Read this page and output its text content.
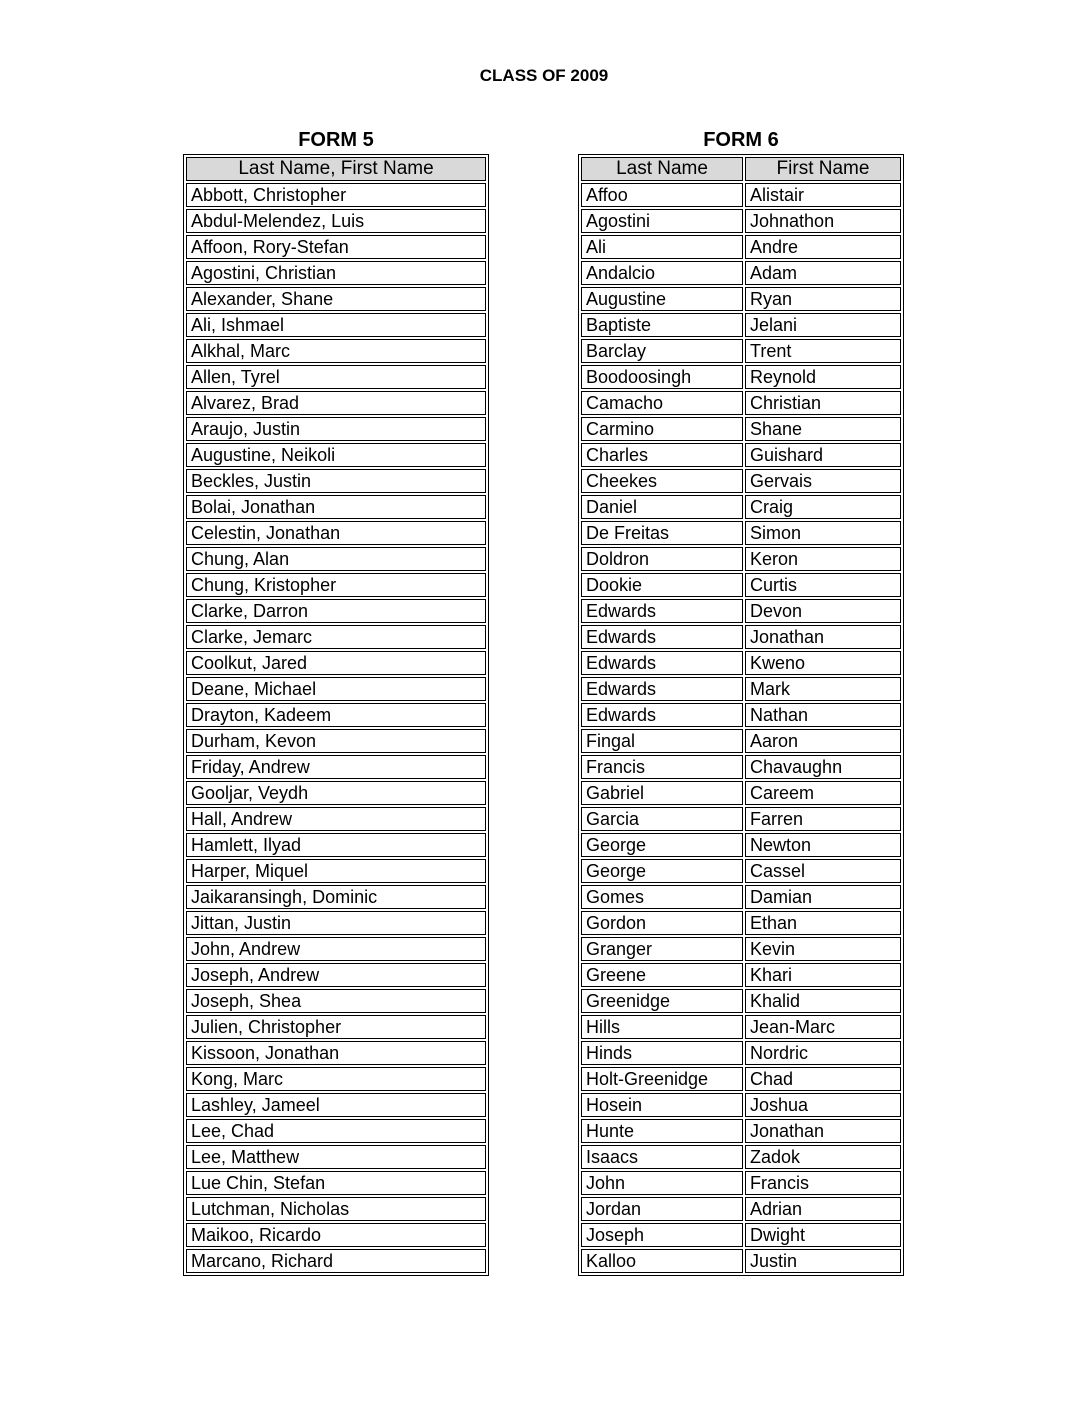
CLASS OF 2009
FORM 5
Last Name, First Name
Abbott, Christopher
Abdul-Melendez, Luis
Affoon, Rory-Stefan
Agostini, Christian
Alexander, Shane
Ali, Ishmael
Alkhal, Marc
Allen, Tyrel
Alvarez, Brad
Araujo, Justin
Augustine, Neikoli
Beckles, Justin
Bolai, Jonathan
Celestin, Jonathan
Chung, Alan
Chung, Kristopher
Clarke, Darron
Clarke, Jemarc
Coolkut, Jared
Deane, Michael
Drayton, Kadeem
Durham, Kevon
Friday, Andrew
Gooljar, Veydh
Hall, Andrew
Hamlett, Ilyad
Harper, Miquel
Jaikaransingh, Dominic
Jittan, Justin
John, Andrew
Joseph, Andrew
Joseph, Shea
Julien, Christopher
Kissoon, Jonathan
Kong, Marc
Lashley, Jameel
Lee, Chad
Lee, Matthew
Lue Chin, Stefan
Lutchman, Nicholas
Maikoo, Ricardo
Marcano, Richard
FORM 6
Last Name	First Name
Affoo	Alistair
Agostini	Johnathon
Ali	Andre
Andalcio	Adam
Augustine	Ryan
Baptiste	Jelani
Barclay	Trent
Boodoosingh	Reynold
Camacho	Christian
Carmino	Shane
Charles	Guishard
Cheekes	Gervais
Daniel	Craig
De Freitas	Simon
Doldron	Keron
Dookie	Curtis
Edwards	Devon
Edwards	Jonathan
Edwards	Kweno
Edwards	Mark
Edwards	Nathan
Fingal	Aaron
Francis	Chavaughn
Gabriel	Careem
Garcia	Farren
George	Newton
George	Cassel
Gomes	Damian
Gordon	Ethan
Granger	Kevin
Greene	Khari
Greenidge	Khalid
Hills	Jean-Marc
Hinds	Nordric
Holt-Greenidge	Chad
Hosein	Joshua
Hunte	Jonathan
Isaacs	Zadok
John	Francis
Jordan	Adrian
Joseph	Dwight
Kalloo	Justin
